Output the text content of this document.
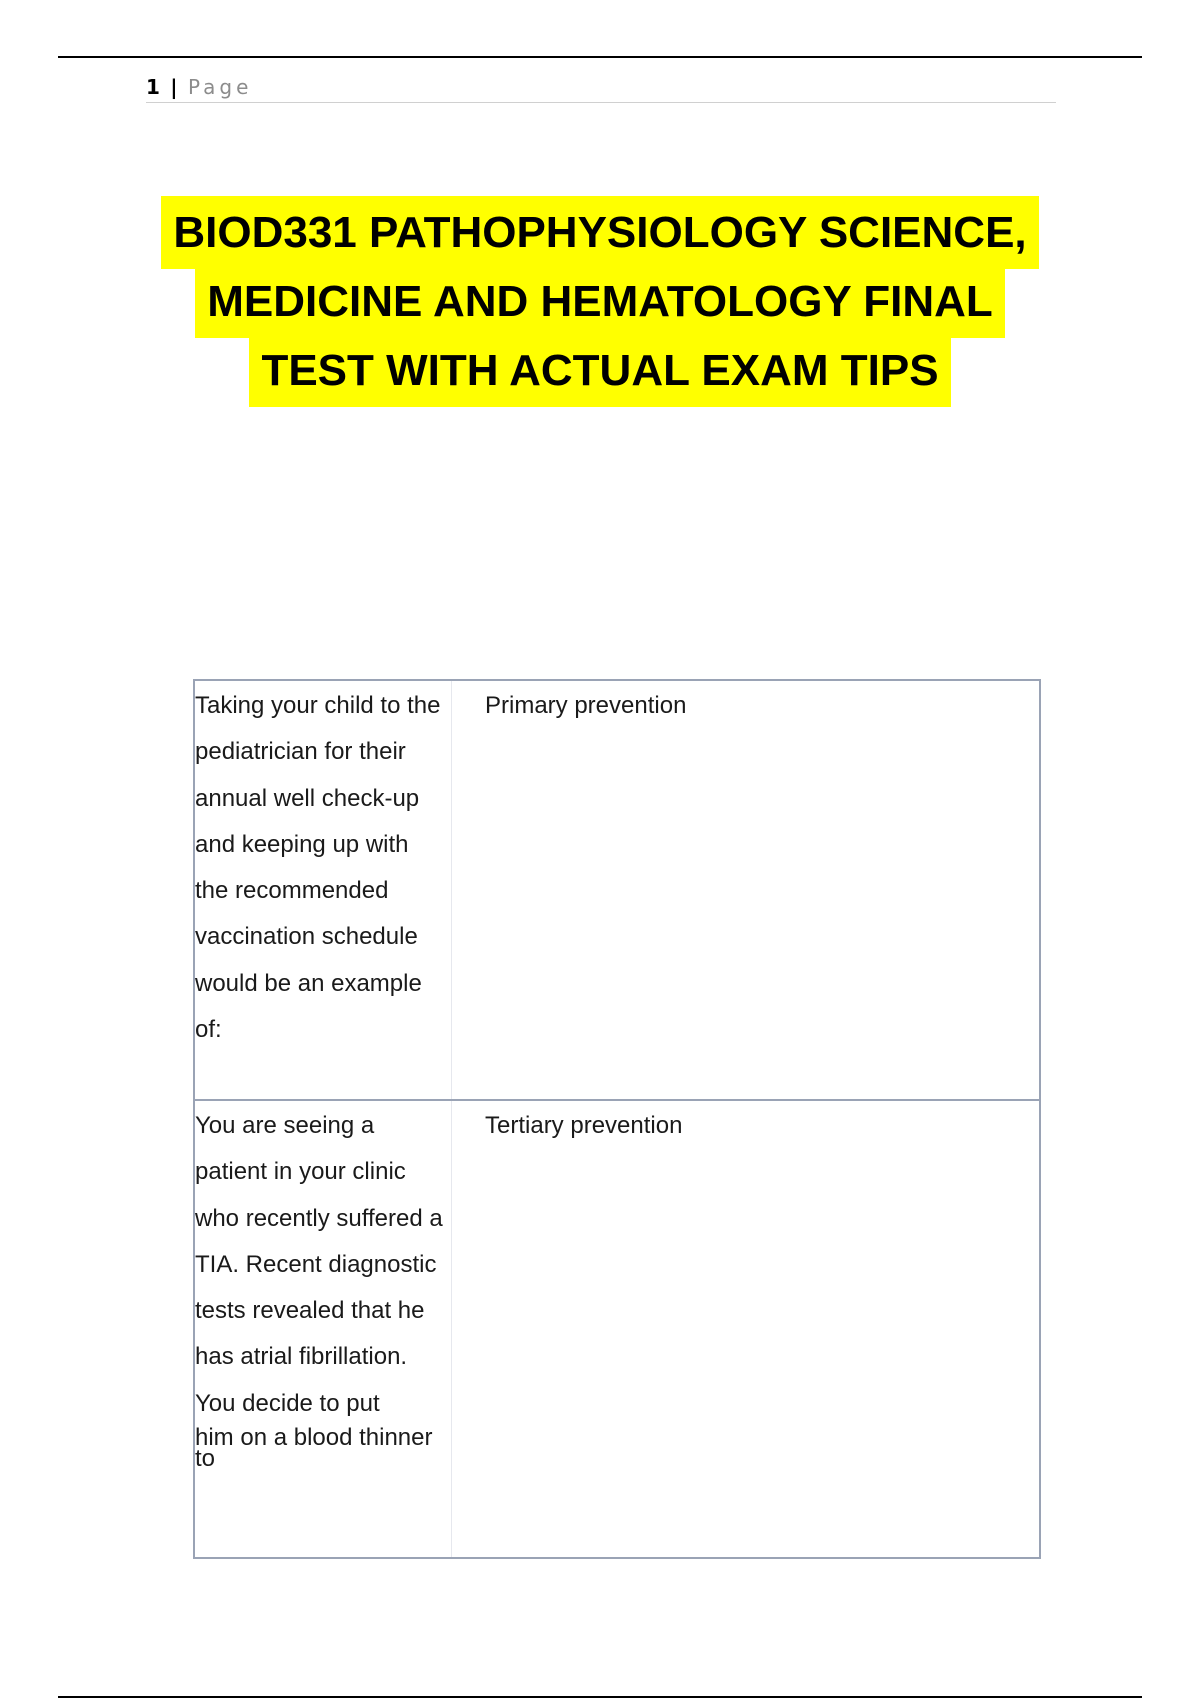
1 | Page
BIOD331 PATHOPHYSIOLOGY SCIENCE,
MEDICINE AND HEMATOLOGY FINAL
TEST WITH ACTUAL EXAM TIPS
Taking your child to the pediatrician for their annual well check-up and keeping up with the recommended vaccination schedule would be an example of:
Primary prevention
You are seeing a patient in your clinic who recently suffered a TIA. Recent diagnostic tests revealed that he has atrial fibrillation. You decide to put
him on a blood thinner to
Tertiary prevention
